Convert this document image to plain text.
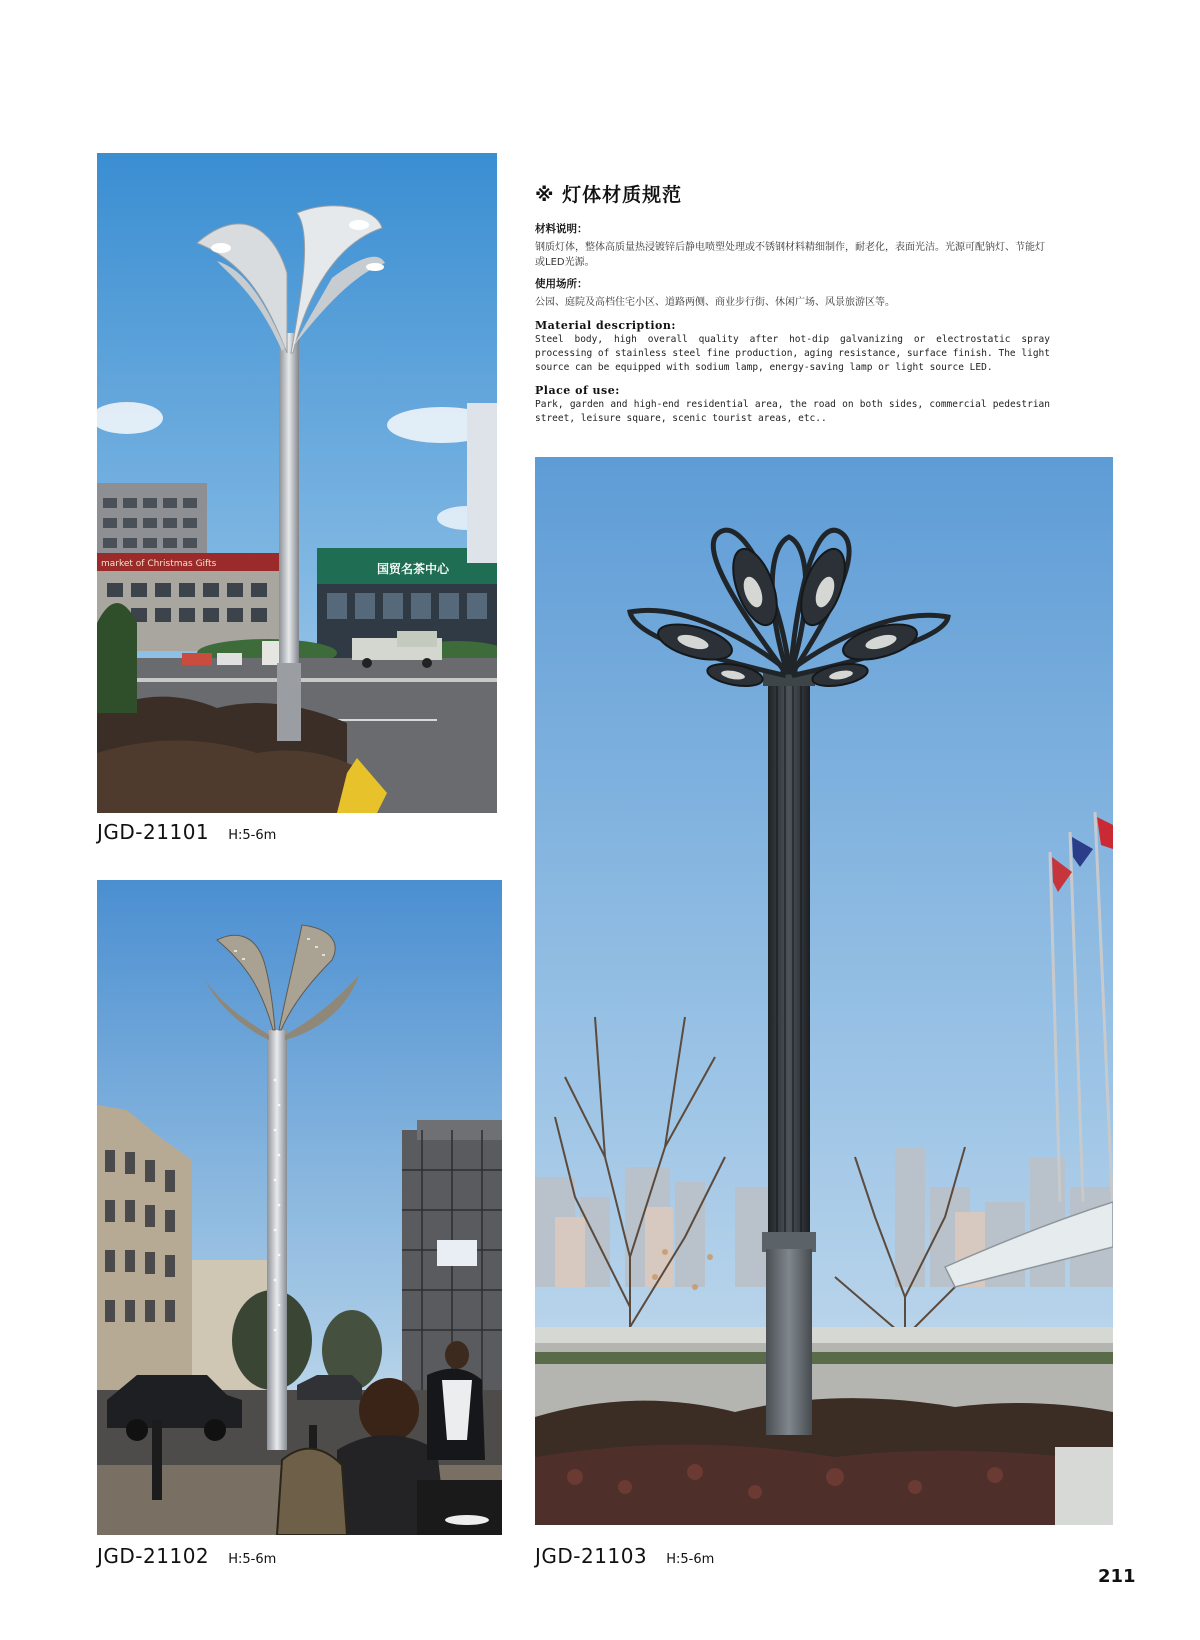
market of Christmas Gifts	国贸名茶中心
JGD-21101 H:5-6m
JGD-21102 H:5-6m
※ 灯体材质规范
材料说明：

钢质灯体，整体高质量热浸镀锌后静电喷塑处理或不锈钢材料精细制作，耐老化，表面光洁。光源可配钠灯、节能灯或LED光源。

使用场所：

公园、庭院及高档住宅小区、道路两侧、商业步行街、休闲广场、风景旅游区等。

Material description:

Steel body, high overall quality after hot-dip galvanizing or electrostatic spray processing of stainless steel fine production, aging resistance, surface finish. The light source can be equipped with sodium lamp, energy-saving lamp or light source LED.

Place of use:

Park, garden and high-end residential area, the road on both sides, commercial pedestrian street, leisure square, scenic tourist areas, etc..

JGD-21103 H:5-6m
211
